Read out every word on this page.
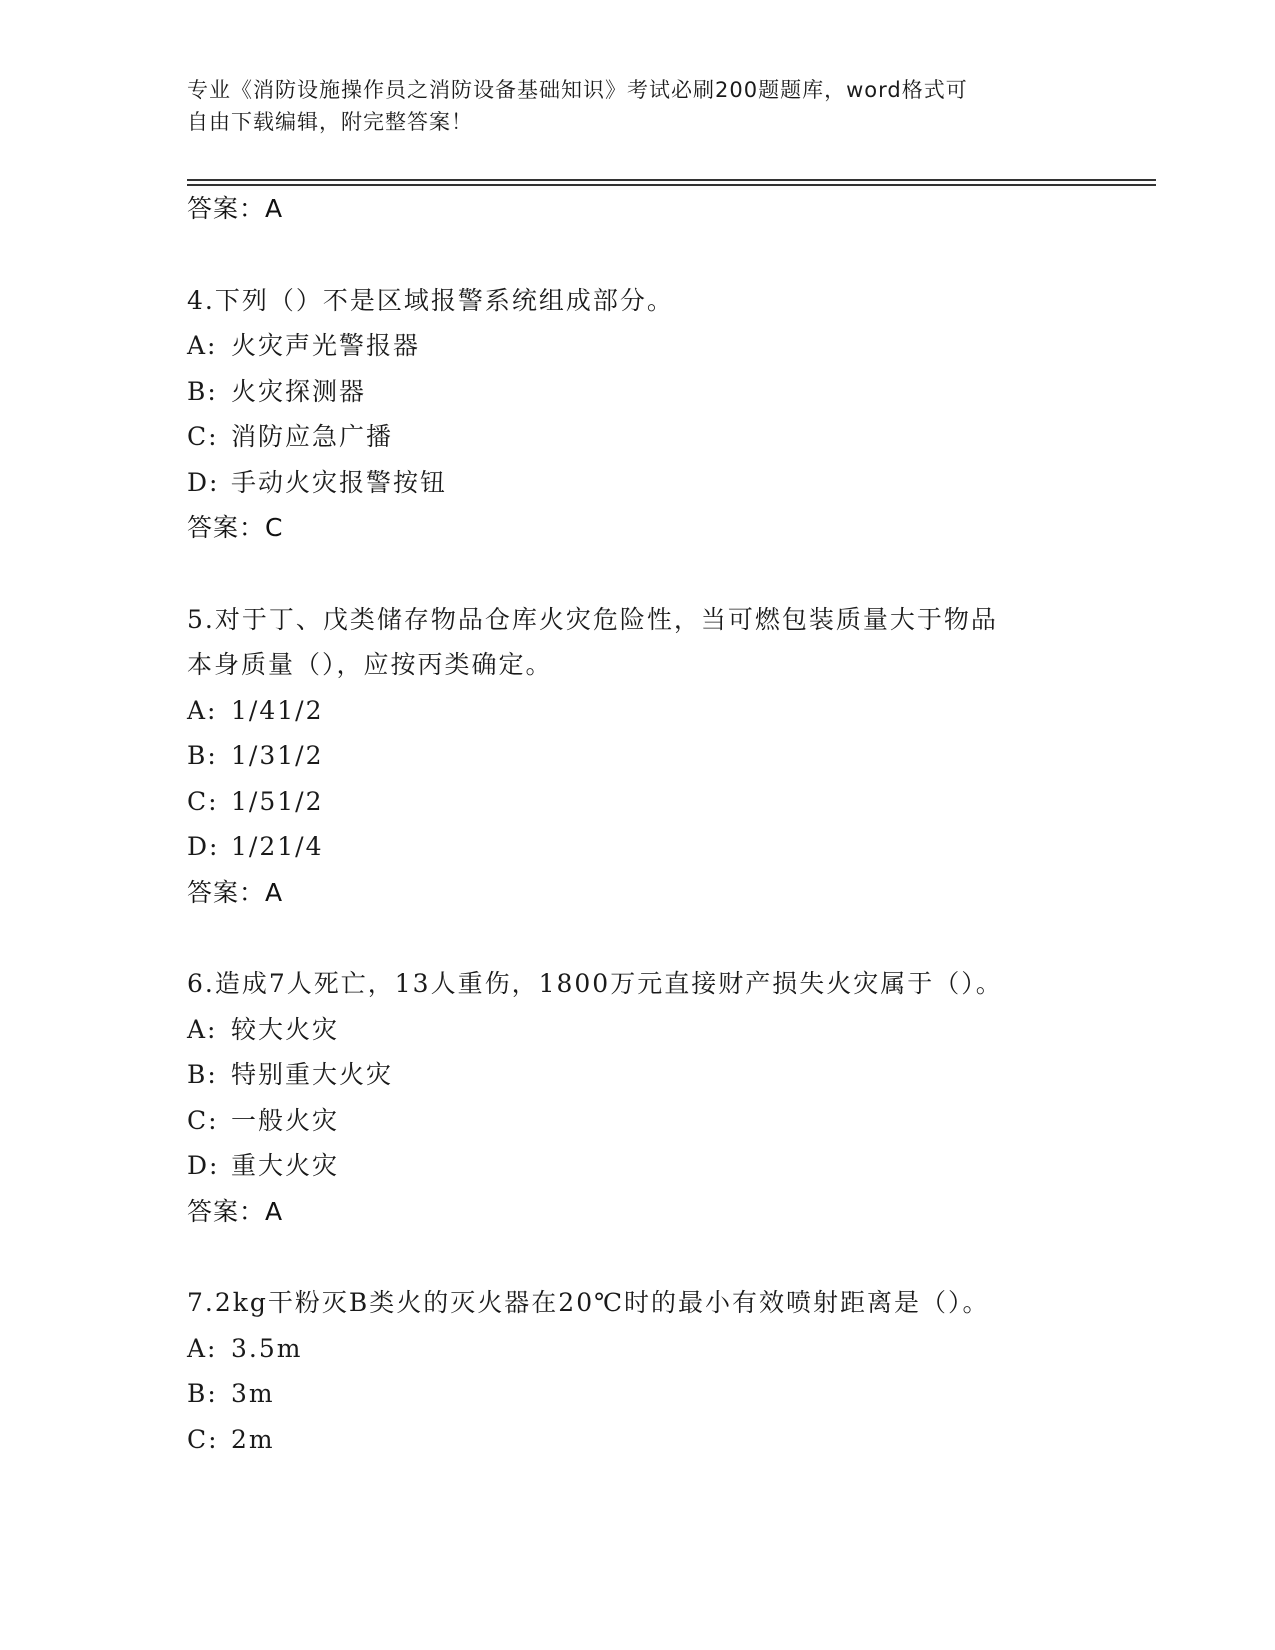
专业《消防设施操作员之消防设备基础知识》考试必刷200题题库，word格式可
自由下载编辑，附完整答案！
答案：A
4.下列（）不是区域报警系统组成部分。
A: 火灾声光警报器
B: 火灾探测器
C: 消防应急广播
D: 手动火灾报警按钮
答案：C
5.对于丁、戊类储存物品仓库火灾危险性，当可燃包装质量大于物品
本身质量（），应按丙类确定。
A: 1/41/2
B: 1/31/2
C: 1/51/2
D: 1/21/4
答案：A
6.造成7人死亡，13人重伤，1800万元直接财产损失火灾属于（）。
A: 较大火灾
B: 特别重大火灾
C: 一般火灾
D: 重大火灾
答案：A
7.2kg干粉灭B类火的灭火器在20℃时的最小有效喷射距离是（）。
A: 3.5m
B: 3m
C: 2m
